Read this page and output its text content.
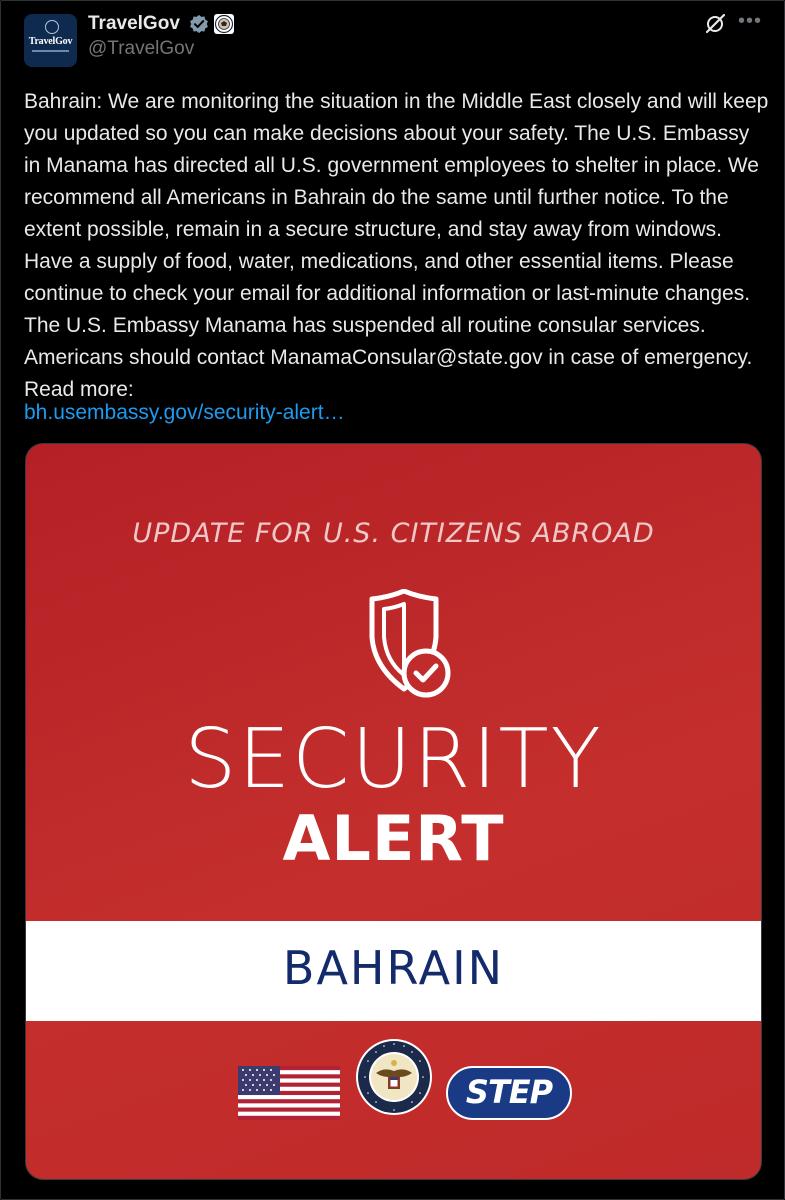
TravelGov
TravelGov
@TravelGov
•••
Bahrain: We are monitoring the situation in the Middle East closely and will keep you updated so you can make decisions about your safety. The U.S. Embassy in Manama has directed all U.S. government employees to shelter in place. We recommend all Americans in Bahrain do the same until further notice. To the extent possible, remain in a secure structure, and stay away from windows. Have a supply of food, water, medications, and other essential items. Please continue to check your email for additional information or last-minute changes. The U.S. Embassy Manama has suspended all routine consular services. Americans should contact ManamaConsular@state.gov in case of emergency. Read more:
bh.usembassy.gov/security-alert…
UPDATE FOR U.S. CITIZENS ABROAD
SECURITY
ALERT
BAHRAIN
STEP
